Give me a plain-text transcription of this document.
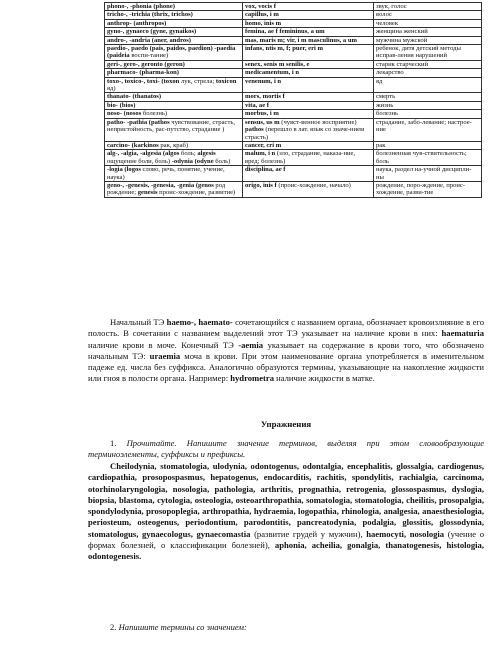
phono-, -phonia (phone)	vox, vocis f	звук, голос
tricho-, -trichia (thrix, trichos)	capillus, i m	волос
anthrop- (anthropos)	homo, inis m	человек
gyno-, gynaeco (gyne, gynaikos)	femina, ae f femininus, a um	женщина женский
andro-, -andria (aner, andros)	mas, maris m; vir, i m masculinus, a um	мужчина мужской
paedio-, paedo (pais, paidos, paedion) -paedia (paideia воспи-тание)	infans, ntis m, f; puer, eri m	ребенок, дитя детский методы исправ-ления нарушений
geri-, gero-, geronto (geron)	senex, senis m senilis, e	старик старческий
pharmaco- (pharma-kon)	medicamentum, i n	лекарство
toxo-, toxico-, toxi- (toxon лук, стрела; toxicon яд)	venenum, i n	яд
thanato- (thanatos)	mors, mortis f	смерть
bio- (bios)	vita, ae f	жизнь
noso- (nosos болезнь)	morbus, i m	болезнь
patho- -pathia (pathos чувствование, страсть, непристойность, рас-путство, страдание )	sensus, us m (чувст-венное восприятие) pathos (перешло в лат. язык со значе-нием страсть)	страдание, забо-левание; настрое-ние
carcino- (karkinos рак, краб)	cancer, cri m	рак
alg-, -algia, -algesia (algos боль; algesis ощущение боли, боль) -odynia (odyne боль)	malum, i n (зло, страдание, наказа-ние, вред; болезнь)	болезненная чув-ствительность; боль
-logia (logos слово, речь, понятие, учение, наука)	disciplina, ae f	наука, раздел на-учной дисципли-ны
geno-, -genesis, -genesia, -genia (genos род рождение; genesis проис-хождение, развитие)	origo, inis f (проис-хождение, начало)	рождение, поро-ждение, проис-хождение, разви-тие

Начальный ТЭ haemo-, haemato- сочетающийся с названием органа, обозначает кровоизлияние в его полость. В сочетании с названием выделений этот ТЭ указывает на наличие крови в них: haematuria наличие крови в моче. Конечный ТЭ -aemia указывает на содержание в крови того, что обозначено начальным ТЭ: uraemia моча в крови. При этом наименование органа употребляется в именительном падеже ед. числа без суффикса. Аналогично образуются термины, указывающие на накопление жидкости или гноя в полости органа. Например: hydrometra наличие жидкости в матке.

Упражнения

1. Прочитайте. Напишите значение терминов, выделяя при этом словообразующие терминоэлементы, суффиксы и префиксы.

Cheilodynia, stomatologia, ulodynia, odontogenus, odontalgia, encephalitis, glossalgia, cardiogenus, cardiopathia, prosopospasmus, hepatogenus, endocarditis, rachitis, spondylitis, rachialgia, carcinoma, otorhinolaryngologia, nosologia, pathologia, arthritis, prognathia, retrogenia, glossospasmus, dyslogia, biopsia, blastoma, cytologia, osteologia, osteoarthropathia, somatologia, stomatologia, cheilitis, prosopalgia, spondylodynia, prosopoplegia, arthropathia, hydraemia, logopathia, rhinologia, analgesia, anaesthesiologia, periosteum, osteogenus, periodontium, parodontitis, pancreatodynia, podalgia, glossitis, glossodynia, stomatologus, gynaecologus, gynaecomastia (развитие грудей у мужчин), haemocyti, nosologia (учение о формах болезней, о классификации болезней), aphonia, acheilia, gonalgia, thanatogenesis, histologia, odontogenesis.

2. Напишите термины со значением:
